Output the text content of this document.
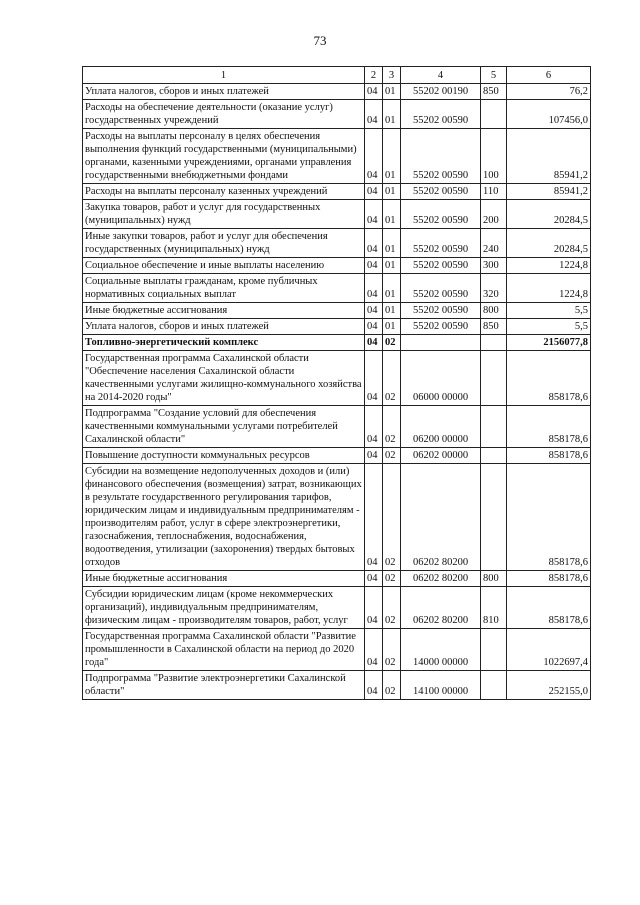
73
1	2	3	4	5	6
Уплата налогов, сборов и иных платежей	04	01	55202 00190	850	76,2
Расходы на обеспечение деятельности (оказание услуг) государственных учреждений	04	01	55202 00590		107456,0
Расходы на выплаты персоналу в целях обеспечения выполнения функций государственными (муниципальными) органами, казенными учреждениями, органами управления государственными внебюджетными фондами	04	01	55202 00590	100	85941,2
Расходы на выплаты персоналу казенных учреждений	04	01	55202 00590	110	85941,2
Закупка товаров, работ и услуг для государственных (муниципальных) нужд	04	01	55202 00590	200	20284,5
Иные закупки товаров, работ и услуг для обеспечения государственных (муниципальных) нужд	04	01	55202 00590	240	20284,5
Социальное обеспечение и иные выплаты населению	04	01	55202 00590	300	1224,8
Социальные выплаты гражданам, кроме публичных нормативных социальных выплат	04	01	55202 00590	320	1224,8
Иные бюджетные ассигнования	04	01	55202 00590	800	5,5
Уплата налогов, сборов и иных платежей	04	01	55202 00590	850	5,5
Топливно-энергетический комплекс	04	02			2156077,8
Государственная программа Сахалинской области "Обеспечение населения Сахалинской области качественными услугами жилищно-коммунального хозяйства на 2014-2020 годы"	04	02	06000 00000		858178,6
Подпрограмма "Создание условий для обеспечения качественными коммунальными услугами потребителей Сахалинской области"	04	02	06200 00000		858178,6
Повышение доступности коммунальных ресурсов	04	02	06202 00000		858178,6
Субсидии на возмещение недополученных доходов и (или) финансового обеспечения (возмещения) затрат, возникающих в результате государственного регулирования тарифов, юридическим лицам и индивидуальным предпринимателям - производителям работ, услуг в сфере электроэнергетики, газоснабжения, теплоснабжения, водоснабжения, водоотведения, утилизации (захоронения) твердых бытовых отходов	04	02	06202 80200		858178,6
Иные бюджетные ассигнования	04	02	06202 80200	800	858178,6
Субсидии юридическим лицам (кроме некоммерческих организаций), индивидуальным предпринимателям, физическим лицам - производителям товаров, работ, услуг	04	02	06202 80200	810	858178,6
Государственная программа Сахалинской области "Развитие промышленности в Сахалинской области на период до 2020 года"	04	02	14000 00000		1022697,4
Подпрограмма "Развитие электроэнергетики Сахалинской области"	04	02	14100 00000		252155,0
